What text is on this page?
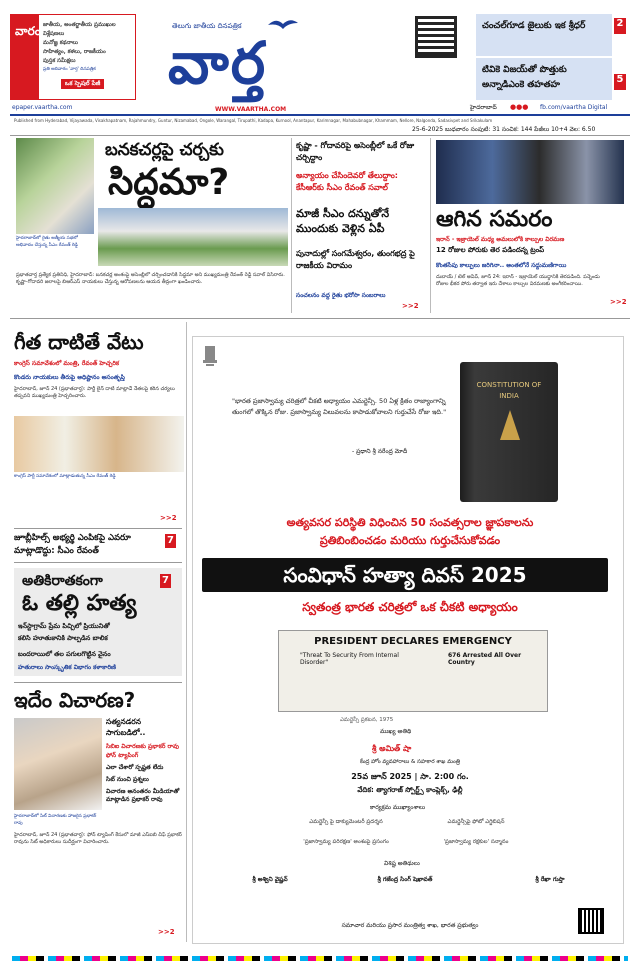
వారం జాతీయ, అంతర్జాతీయ ప్రముఖుల విశ్లేషణలు
మనోజ్ఞ కథనాలు
సాహిత్యం, కళలు, రాజకీయం
పుస్తక సమీక్షలు
ప్రతి ఆదివారం 'వార్త' దినపత్రిక
ఒక స్పెషల్ పేజీ
epaper.vaartha.com
తెలుగు జాతీయ దినపత్రిక
వార్త
WWW.VAARTHA.COM
చంచల్‌గూడ జైలుకు ఇక శ్రీధర్	2
టివికె విజయ్‌తో పొత్తుకు అన్నాడిఎంకె తహతహ	5
హైదరాబాద్ ●●● fb.com/vaartha Digital
Published from Hyderabad, Vijayawada, Visakhapatnam, Rajahmundry, Guntur, Nizamabad, Ongole, Warangal, Tirupathi, Kadapa, Kurnool, Anantapur, Karimnagar, Mahabubnagar, Khammam, Nellore, Nalgonda, Sadasivpet and Srikakulam
25-6-2025 బుధవారం సంపుటి: 31 సంచిక: 144 పేజీలు 10+4 వెల: 6.50
హైదరాబాద్‌లో రైతు ఆత్మీయ సభలో అభివాదం చేస్తున్న సీఎం రేవంత్ రెడ్డి
బనకచర్లపై చర్చకు
సిద్ధమా?
ప్రభాతవార్త ప్రత్యేక ప్రతినిధి, హైదరాబాద్: బనకచర్ల అంశంపై అసెంబ్లీలో చర్చించడానికి సిద్ధమా అని ముఖ్యమంత్రి రేవంత్ రెడ్డి సవాల్ విసిరారు. కృష్ణా-గోదావరి జలాలపై బిఆర్ఎస్ నాయకులు చేస్తున్న ఆరోపణలను ఆయన తీవ్రంగా ఖండించారు.
కృష్ణా - గోదావరిపై అసెంబ్లీలో ఒకే రోజు చర్చిద్దాం
అన్యాయం చేసిందెవరో తేలుద్దాం: కేసీఆర్‌కు సీఎం రేవంత్ సవాల్
మాజీ సీఎం దన్నుతోనే ముందుకు వెళ్లిన ఏపీ
పునాదుల్లో సంగమేశ్వరం, తుంగభద్ర పై రాజకీయ విరామం
సంచలనం వద్ద రైతు భరోసా సంబరాలు
>>2
ఆగిన సమరం
ఇరాన్ - ఇజ్రాయెల్ మధ్య అమలులోకి కాల్పుల విరమణ
12 రోజుల పోరుకు తెర పడిందన్న ట్రంప్
కొంతసేపు కాల్పులు జరిగినా.. అంతలోనే సద్దుమణిగాయి
దుబాయ్ / టెల్ అవీవ్, జూన్ 24: ఇరాన్ - ఇజ్రాయెల్ యుద్ధానికి తెరపడింది. పన్నెండు రోజుల భీకర పోరు తర్వాత ఇరు దేశాలు కాల్పుల విరమణకు అంగీకరించాయి.
>>2
గీత దాటితే వేటు
కాంగ్రెస్ సమావేశంలో మంత్రి, రేవంత్ హెచ్చరిక
కొండరు నాయకులు తీరుపై అధిష్టానం అసంతృప్తి
హైదరాబాద్, జూన్ 24 (ప్రభాతవార్త): పార్టీ లైన్ దాటి మాట్లాడే నేతలపై కఠిన చర్యలు తప్పవని ముఖ్యమంత్రి హెచ్చరించారు.
కాంగ్రెస్ పార్టీ సమావేశంలో మాట్లాడుతున్న సీఎం రేవంత్ రెడ్డి
>>2
జూబ్లీహిల్స్ అభ్యర్థి ఎంపికపై ఎవరూ మాట్లాడొద్దు: సీఎం రేవంత్
7
అతికిరాతకంగా
ఓ తల్లి హత్య
7
ఇన్‌స్టాగ్రామ్ ప్రేమ పిచ్చిలో ప్రియునితో
కలిసి హూతుకానికి పాల్పడిన బాలిక
బందరాయిలో తల పగులగొట్టిన వైనం
హతురాలు సాంస్కృతిక విభాగం కళాకారిణి
ఇదేం విచారణ?
సత్యనడరన సాగుబడిలో..
సిబిఐ విచారణకు ప్రభాకర్ రావు ఫోన్ ట్యాపింగ్
ఎలా చేశారో స్పష్టత లేదు
సిట్ నుంచి ప్రశ్నలు
విచారణ అనంతరం మీడియాతో మాట్లాడిన ప్రభాకర్ రావు
హైదరాబాద్‌లో సిట్ విచారణకు హాజరైన ప్రభాకర్ రావు
హైదరాబాద్, జూన్ 24 (ప్రభాతవార్త): ఫోన్ ట్యాపింగ్ కేసులో మాజీ ఎస్ఐబి చీఫ్ ప్రభాకర్ రావును సిట్ అధికారులు సుదీర్ఘంగా విచారించారు.
>>2
"భారత ప్రజాస్వామ్య చరిత్రలో చీకటి అధ్యాయం ఎమర్జెన్సీ. 50 ఏళ్ల క్రితం రాజ్యాంగాన్ని తుంగలో తొక్కిన రోజు. ప్రజాస్వామ్య విలువలను కాపాడుకోవాలని గుర్తుచేసే రోజు ఇది."
- ప్రధాని శ్రీ నరేంద్ర మోదీ
CONSTITUTION OF INDIA
అత్యవసర పరిస్థితి విధించిన 50 సంవత్సరాల జ్ఞాపకాలను
ప్రతిబింబించడం మరియు గుర్తుచేసుకోవడం
సంవిధాన్ హత్యా దివస్ 2025
స్వతంత్ర భారత చరిత్రలో ఒక చీకటి అధ్యాయం
PRESIDENT DECLARES EMERGENCY
"Threat To Security From Internal Disorder"
676 Arrested All Over Country
ఎమర్జెన్సీ ప్రకటన, 1975
ముఖ్య అతిథి
శ్రీ అమిత్ షా
కేంద్ర హోం వ్యవహారాలు & సహకార శాఖ మంత్రి
25వ జూన్ 2025 | సా. 2:00 గం.
వేదిక: త్యాగరాజ్ స్పోర్ట్స్ కాంప్లెక్స్, ఢిల్లీ
కార్యక్రమ ముఖ్యాంశాలు
ఎమర్జెన్సీ పై డాక్యుమెంటరీ ప్రదర్శన	ఎమర్జెన్సీపై ఫోటో ఎగ్జిబిషన్
'ప్రజాస్వామ్య పరిరక్షణ' అంశంపై ప్రసంగం	'ప్రజాస్వామ్య రక్షకుల' సన్మానం
విశిష్ట అతిథులు
శ్రీ అశ్విని వైష్ణవ్	శ్రీ గజేంద్ర సింగ్ షెఖావత్	శ్రీ రేఖా గుప్తా
సమాచార మరియు ప్రసార మంత్రిత్వ శాఖ, భారత ప్రభుత్వం
